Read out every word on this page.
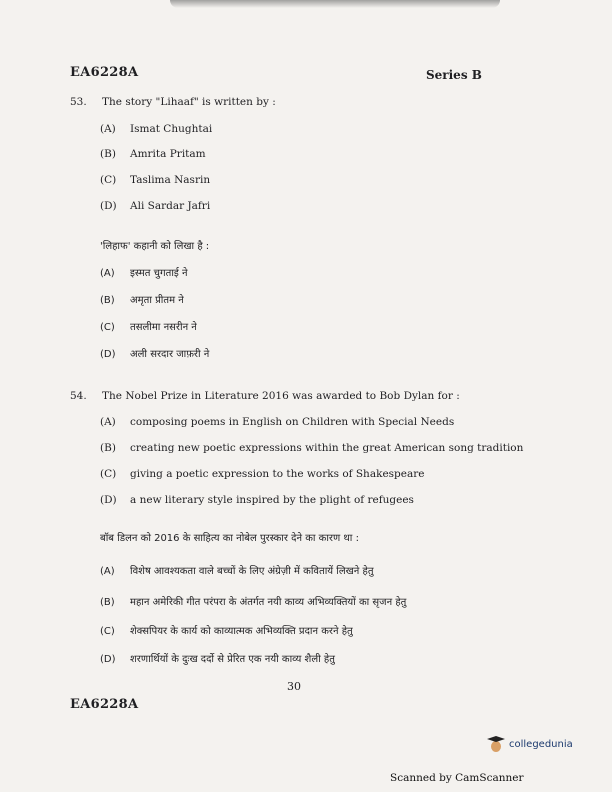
EA6228A	Series B
53. The story "Lihaaf" is written by :
(A) Ismat Chughtai
(B) Amrita Pritam
(C) Taslima Nasrin
(D) Ali Sardar Jafri
'लिहाफ' कहानी को लिखा है :
(A) इस्मत चुगताई ने
(B) अमृता प्रीतम ने
(C) तसलीमा नसरीन ने
(D) अली सरदार जाफ़री ने
54. The Nobel Prize in Literature 2016 was awarded to Bob Dylan for :
(A) composing poems in English on Children with Special Needs
(B) creating new poetic expressions within the great American song tradition
(C) giving a poetic expression to the works of Shakespeare
(D) a new literary style inspired by the plight of refugees
बॉब डिलन को 2016 के साहित्य का नोबेल पुरस्कार देने का कारण था :
(A) विशेष आवश्यकता वाले बच्चों के लिए अंग्रेज़ी में कवितायें लिखने हेतु
(B) महान अमेरिकी गीत परंपरा के अंतर्गत नयी काव्य अभिव्यक्तियों का सृजन हेतु
(C) शेक्सपियर के कार्य को काव्यात्मक अभिव्यक्ति प्रदान करने हेतु
(D) शरणार्थियों के दुःख दर्दो से प्रेरित एक नयी काव्य शैली हेतु
30
EA6228A
collegedunia
Scanned by CamScanner
